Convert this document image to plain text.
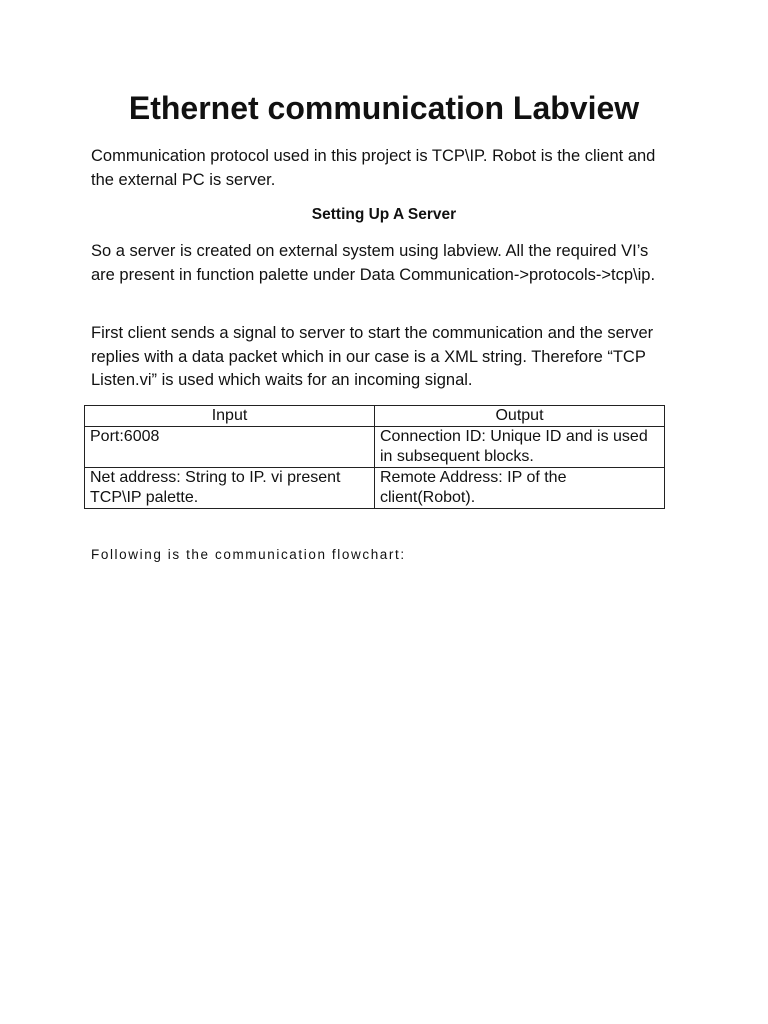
Ethernet communication Labview

Communication protocol used in this project is TCP\IP. Robot is the client and the external PC is server.

Setting Up A Server

So a server is created on external system using labview. All the required VI’s are present in function palette under Data Communication->protocols->tcp\ip.

First client sends a signal to server to start the communication and the server replies with a data packet which in our case is a XML string. Therefore “TCP Listen.vi” is used which waits for an incoming signal.

Input	Output
Port:6008	Connection ID: Unique ID and is used in subsequent blocks.
Net address: String to IP. vi present TCP\IP palette.	Remote Address: IP of the client(Robot).

Following is the communication flowchart:
